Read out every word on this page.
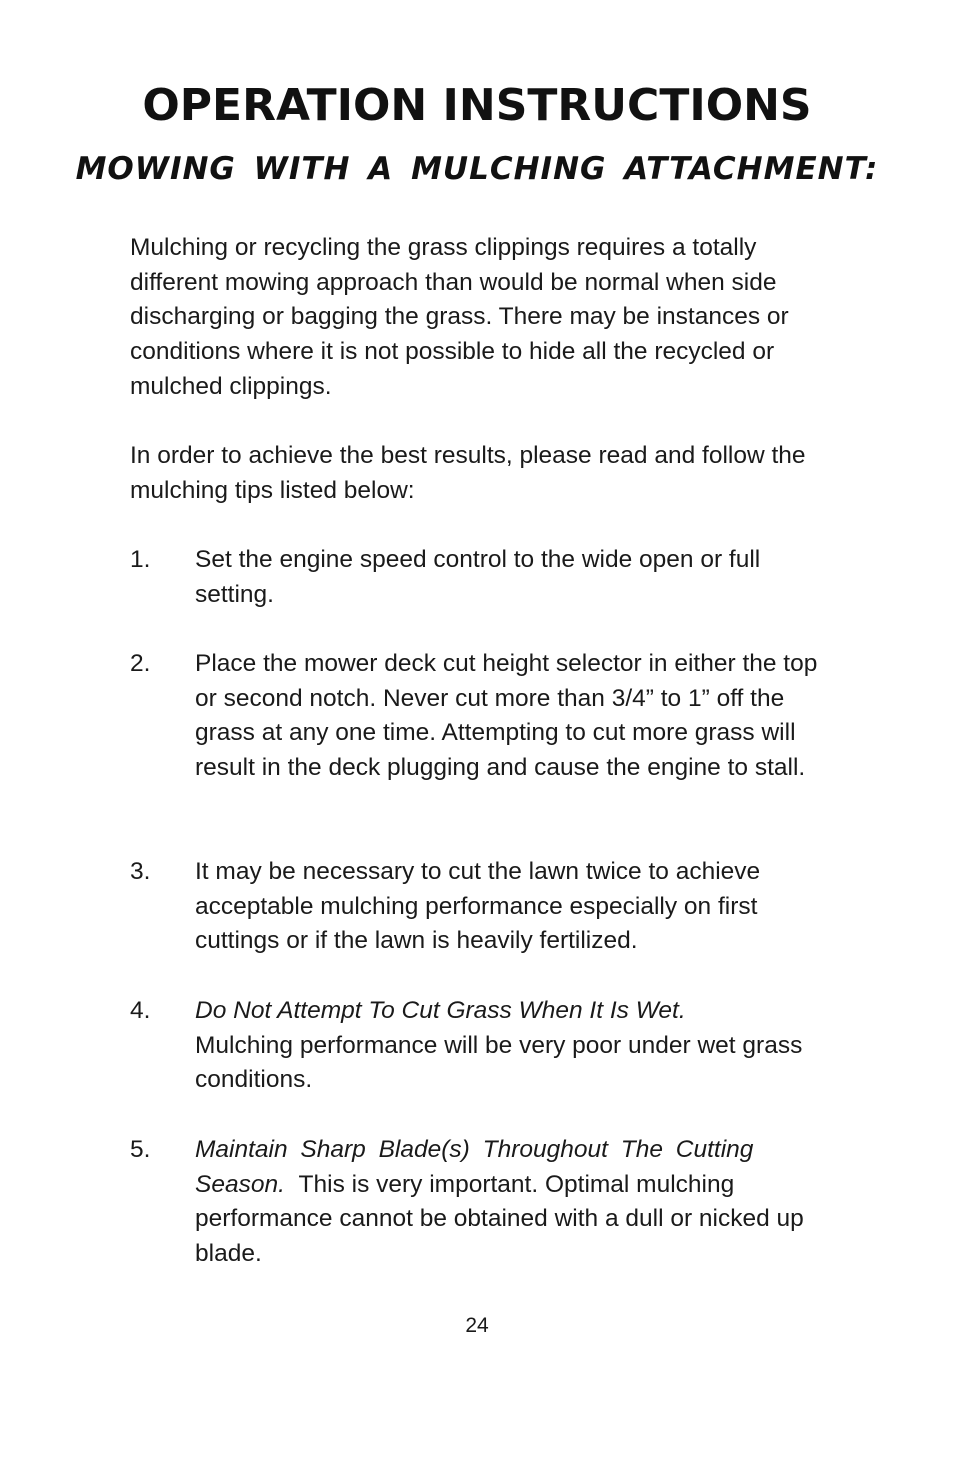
OPERATION INSTRUCTIONS
MOWING WITH A MULCHING ATTACHMENT:

Mulching or recycling the grass clippings requires a totally different mowing approach than would be normal when side discharging or bagging the grass. There may be instances or conditions where it is not possible to hide all the recycled or mulched clippings.

In order to achieve the best results, please read and follow the mulching tips listed below:

1.	Set the engine speed control to the wide open or full setting.
2.	Place the mower deck cut height selector in either the top or second notch. Never cut more than 3/4” to 1” off the grass at any one time. Attempting to cut more grass will result in the deck plugging and cause the engine to stall.
3.	It may be necessary to cut the lawn twice to achieve acceptable mulching performance especially on first cuttings or if the lawn is heavily fertilized.
4.	Do Not Attempt To Cut Grass When It Is Wet.
Mulching performance will be very poor under wet grass conditions.
5.	Maintain Sharp Blade(s) Throughout The Cutting Season. This is very important. Optimal mulching performance cannot be obtained with a dull or nicked up blade.
24
